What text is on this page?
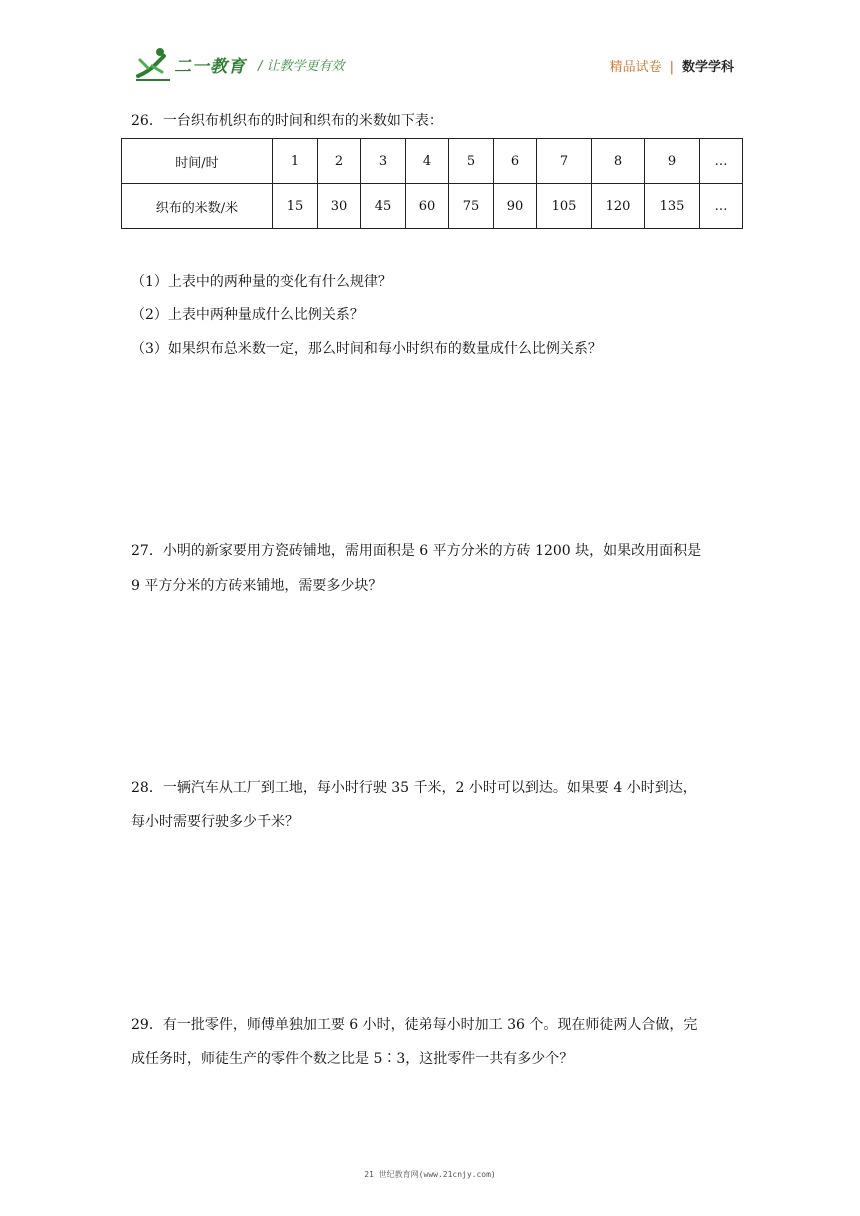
二一教育 / 让教学更有效	精品试卷 | 数学学科
26．一台织布机织布的时间和织布的米数如下表：
时间/时	1	2	3	4	5	6	7	8	9	…
织布的米数/米	15	30	45	60	75	90	105	120	135	…
（1）上表中的两种量的变化有什么规律？
（2）上表中两种量成什么比例关系？
（3）如果织布总米数一定，那么时间和每小时织布的数量成什么比例关系？
27．小明的新家要用方瓷砖铺地，需用面积是 6 平方分米的方砖 1200 块，如果改用面积是
9 平方分米的方砖来铺地，需要多少块？
28．一辆汽车从工厂到工地，每小时行驶 35 千米，2 小时可以到达。如果要 4 小时到达，
每小时需要行驶多少千米？
29．有一批零件，师傅单独加工要 6 小时，徒弟每小时加工 36 个。现在师徒两人合做，完
成任务时，师徒生产的零件个数之比是 5∶3，这批零件一共有多少个？
21 世纪教育网(www.21cnjy.com)
